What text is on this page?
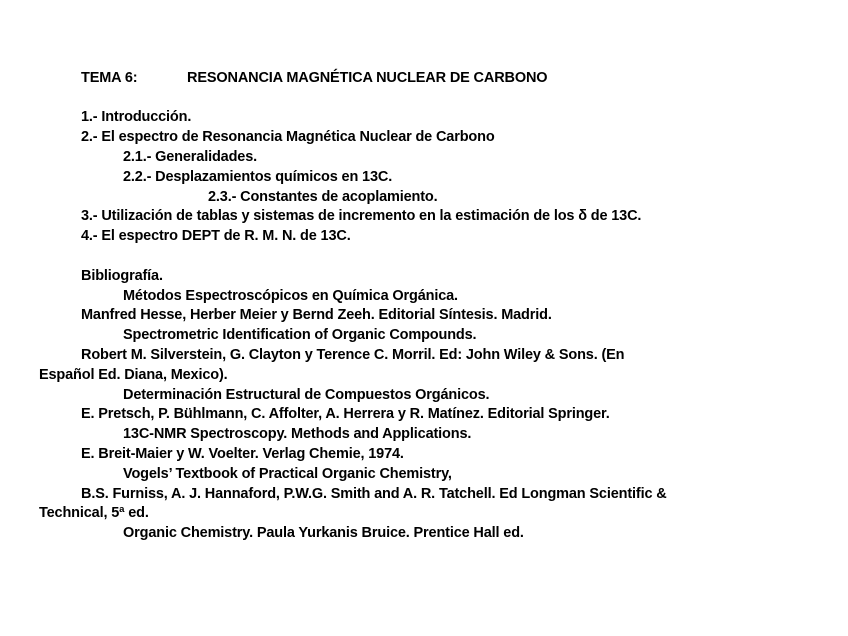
TEMA 6:	RESONANCIA MAGNÉTICA NUCLEAR DE CARBONO
1.- Introducción.
2.- El espectro de Resonancia Magnética Nuclear de Carbono
2.1.- Generalidades.
2.2.- Desplazamientos químicos en 13C.
2.3.- Constantes de acoplamiento.
3.- Utilización de tablas y sistemas de incremento en la estimación de los δ de 13C.
4.- El espectro DEPT de R. M. N. de 13C.
Bibliografía.
Métodos Espectroscópicos en Química Orgánica.
Manfred Hesse, Herber Meier y Bernd Zeeh. Editorial Síntesis. Madrid.
Spectrometric Identification of Organic Compounds.
Robert M. Silverstein, G. Clayton y Terence C. Morril. Ed: John Wiley & Sons. (En
Español Ed. Diana, Mexico).
Determinación Estructural de Compuestos Orgánicos.
E. Pretsch, P. Bühlmann, C. Affolter, A. Herrera y R. Matínez. Editorial Springer.
13C-NMR Spectroscopy. Methods and Applications.
E. Breit-Maier y W. Voelter. Verlag Chemie, 1974.
Vogels’ Textbook of Practical Organic Chemistry,
B.S. Furniss, A. J. Hannaford, P.W.G. Smith and A. R. Tatchell. Ed Longman Scientific &
Technical, 5ª ed.
Organic Chemistry. Paula Yurkanis Bruice. Prentice Hall ed.
